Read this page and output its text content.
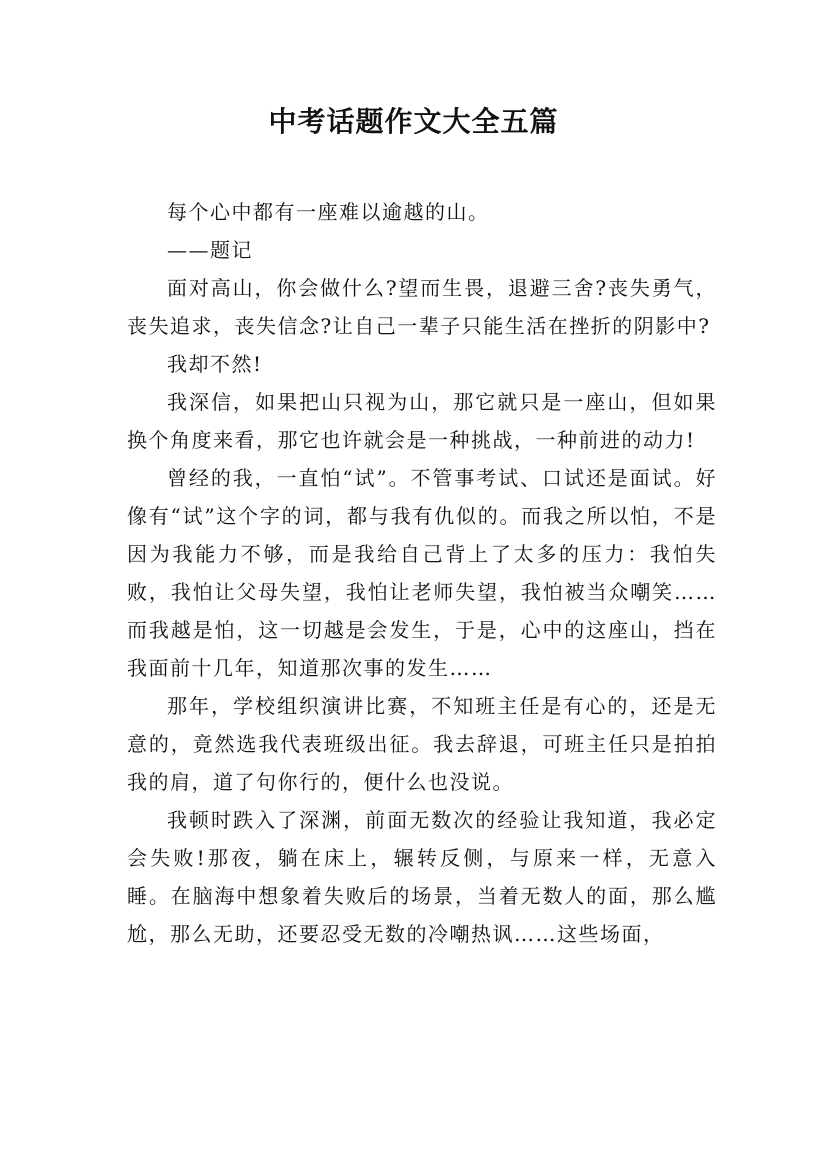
中考话题作文大全五篇

每个心中都有一座难以逾越的山。

——题记

面对高山，你会做什么?望而生畏，退避三舍?丧失勇气，丧失追求，丧失信念?让自己一辈子只能生活在挫折的阴影中?

我却不然!

我深信，如果把山只视为山，那它就只是一座山，但如果换个角度来看，那它也许就会是一种挑战，一种前进的动力!

曾经的我，一直怕“试”。不管事考试、口试还是面试。好像有“试”这个字的词，都与我有仇似的。而我之所以怕，不是因为我能力不够，而是我给自己背上了太多的压力：我怕失败，我怕让父母失望，我怕让老师失望，我怕被当众嘲笑……而我越是怕，这一切越是会发生，于是，心中的这座山，挡在我面前十几年，知道那次事的发生……

那年，学校组织演讲比赛，不知班主任是有心的，还是无意的，竟然选我代表班级出征。我去辞退，可班主任只是拍拍我的肩，道了句你行的，便什么也没说。

我顿时跌入了深渊，前面无数次的经验让我知道，我必定会失败!那夜，躺在床上，辗转反侧，与原来一样，无意入睡。在脑海中想象着失败后的场景，当着无数人的面，那么尴尬，那么无助，还要忍受无数的冷嘲热讽……这些场面，
